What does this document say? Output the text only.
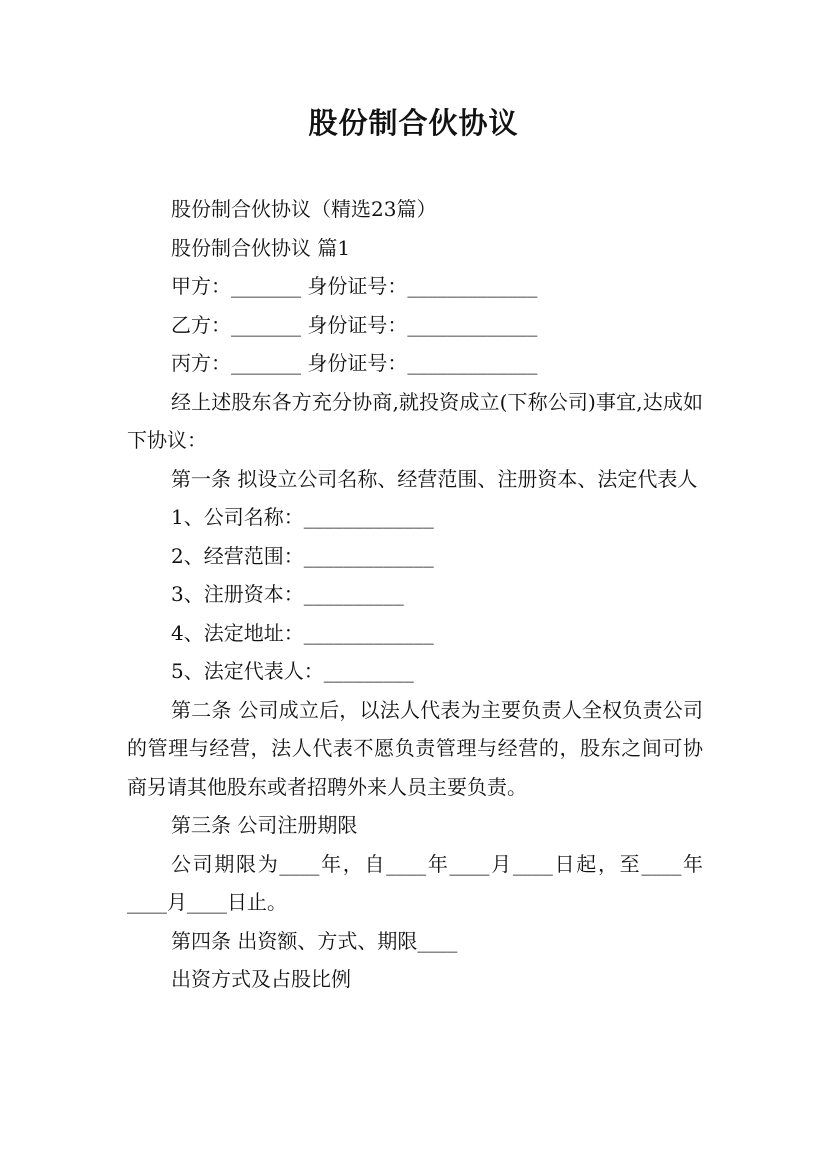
股份制合伙协议

股份制合伙协议（精选23篇）

股份制合伙协议 篇1

甲方：_______ 身份证号：_____________

乙方：_______ 身份证号：_____________

丙方：_______ 身份证号：_____________

经上述股东各方充分协商,就投资成立(下称公司)事宜,达成如下协议：

第一条 拟设立公司名称、经营范围、注册资本、法定代表人

1、公司名称：_____________

2、经营范围：_____________

3、注册资本：__________

4、法定地址：_____________

5、法定代表人：_________

第二条 公司成立后，以法人代表为主要负责人全权负责公司的管理与经营，法人代表不愿负责管理与经营的，股东之间可协商另请其他股东或者招聘外来人员主要负责。

第三条 公司注册期限

公司期限为____年，自____年____月____日起，至____年____月____日止。

第四条 出资额、方式、期限____

出资方式及占股比例
